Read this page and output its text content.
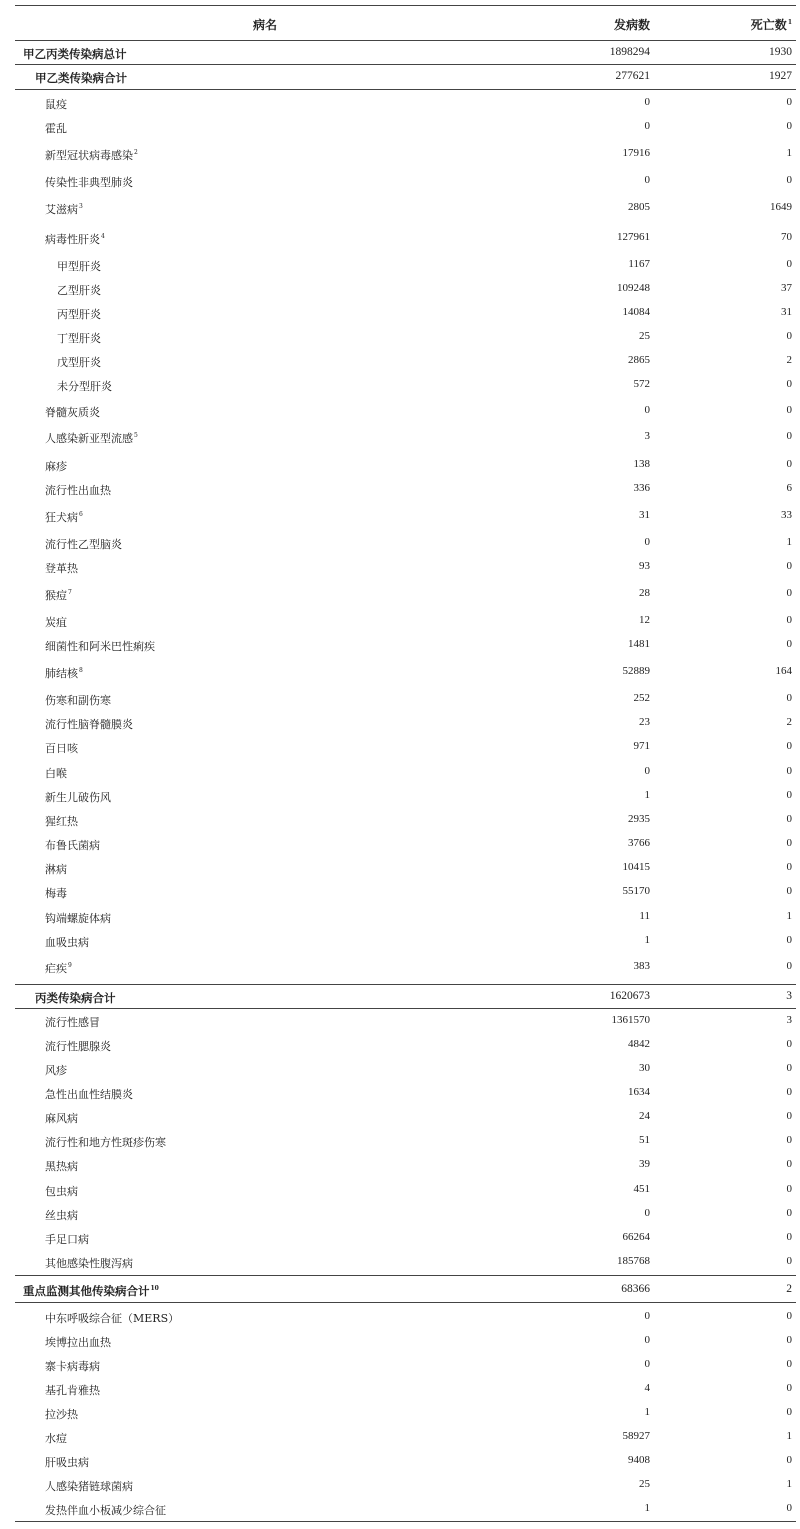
病名	发病数	死亡数$^1$
甲乙丙类传染病总计	1898294	1930
甲乙类传染病合计	277621	1927
鼠疫	0	0
霍乱	0	0
新型冠状病毒感染$^2$	17916	1
传染性非典型肺炎	0	0
艾滋病$^3$	2805	1649
病毒性肝炎$^4$	127961	70
甲型肝炎	1167	0
乙型肝炎	109248	37
丙型肝炎	14084	31
丁型肝炎	25	0
戊型肝炎	2865	2
未分型肝炎	572	0
脊髓灰质炎	0	0
人感染新亚型流感$^5$	3	0
麻疹	138	0
流行性出血热	336	6
狂犬病$^6$	31	33
流行性乙型脑炎	0	1
登革热	93	0
猴痘$^7$	28	0
炭疽	12	0
细菌性和阿米巴性痢疾	1481	0
肺结核$^8$	52889	164
伤寒和副伤寒	252	0
流行性脑脊髓膜炎	23	2
百日咳	971	0
白喉	0	0
新生儿破伤风	1	0
猩红热	2935	0
布鲁氏菌病	3766	0
淋病	10415	0
梅毒	55170	0
钩端螺旋体病	11	1
血吸虫病	1	0
疟疾$^9$	383	0
丙类传染病合计	1620673	3
流行性感冒	1361570	3
流行性腮腺炎	4842	0
风疹	30	0
急性出血性结膜炎	1634	0
麻风病	24	0
流行性和地方性斑疹伤寒	51	0
黑热病	39	0
包虫病	451	0
丝虫病	0	0
手足口病	66264	0
其他感染性腹泻病	185768	0
重点监测其他传染病合计$^{10}$	68366	2
中东呼吸综合征（MERS）	0	0
埃博拉出血热	0	0
寨卡病毒病	0	0
基孔肯雅热	4	0
拉沙热	1	0
水痘	58927	1
肝吸虫病	9408	0
人感染猪链球菌病	25	1
发热伴血小板减少综合征	1	0
